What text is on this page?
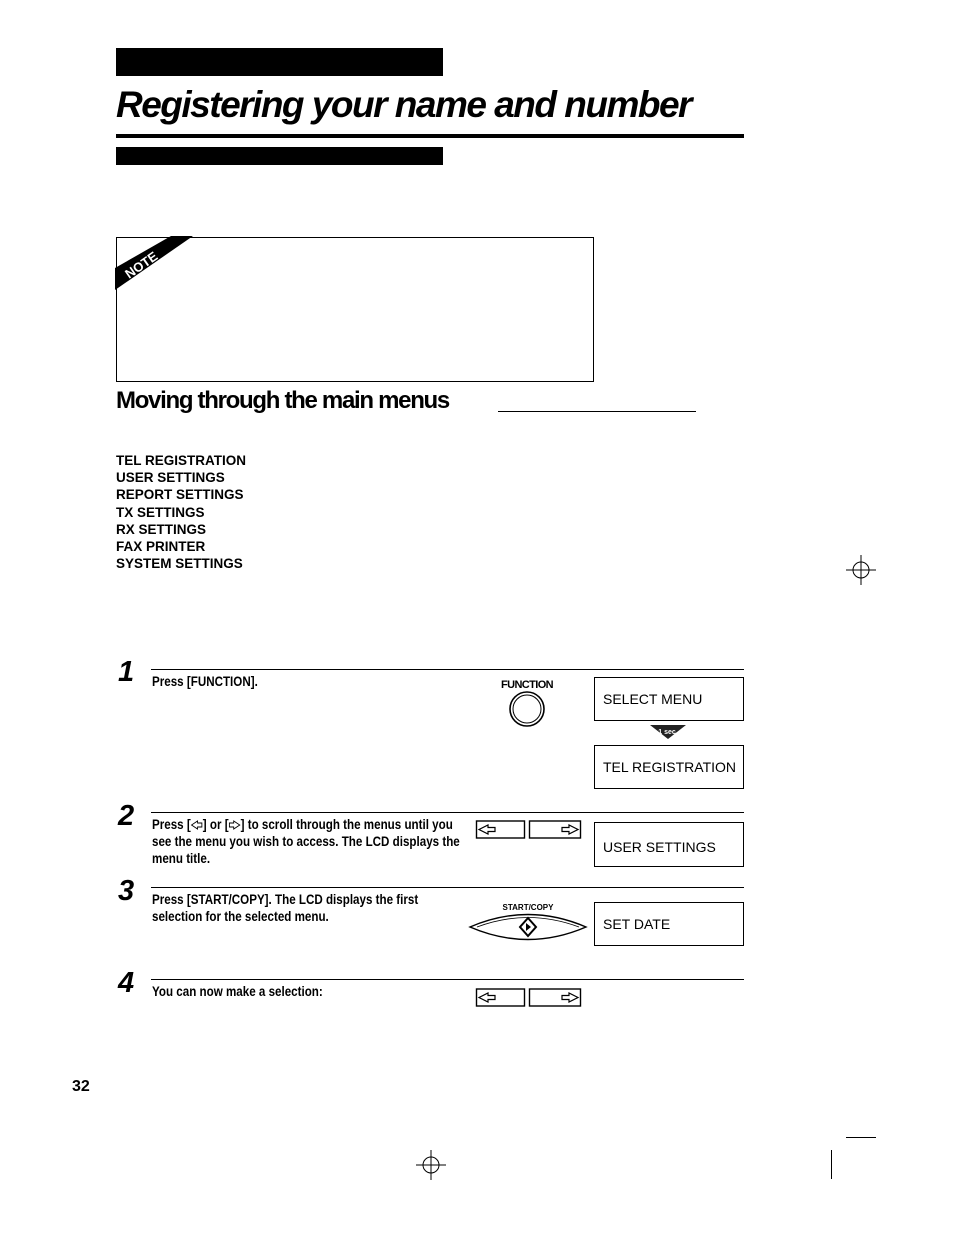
Registering your name and number
NOTE
Moving through the main menus
TEL REGISTRATION
USER SETTINGS
REPORT SETTINGS
TX SETTINGS
RX SETTINGS
FAX PRINTER
SYSTEM SETTINGS
1 Press [FUNCTION].	FUNCTION
SELECT MENU
1 sec.
TEL REGISTRATION
2 Press [ ] or [ ] to scroll through the menus until you see the menu you wish to access. The LCD displays the menu title.
USER SETTINGS
3 Press [START/COPY]. The LCD displays the first selection for the selected menu.
START/COPY
SET DATE
4 You can now make a selection:
32
